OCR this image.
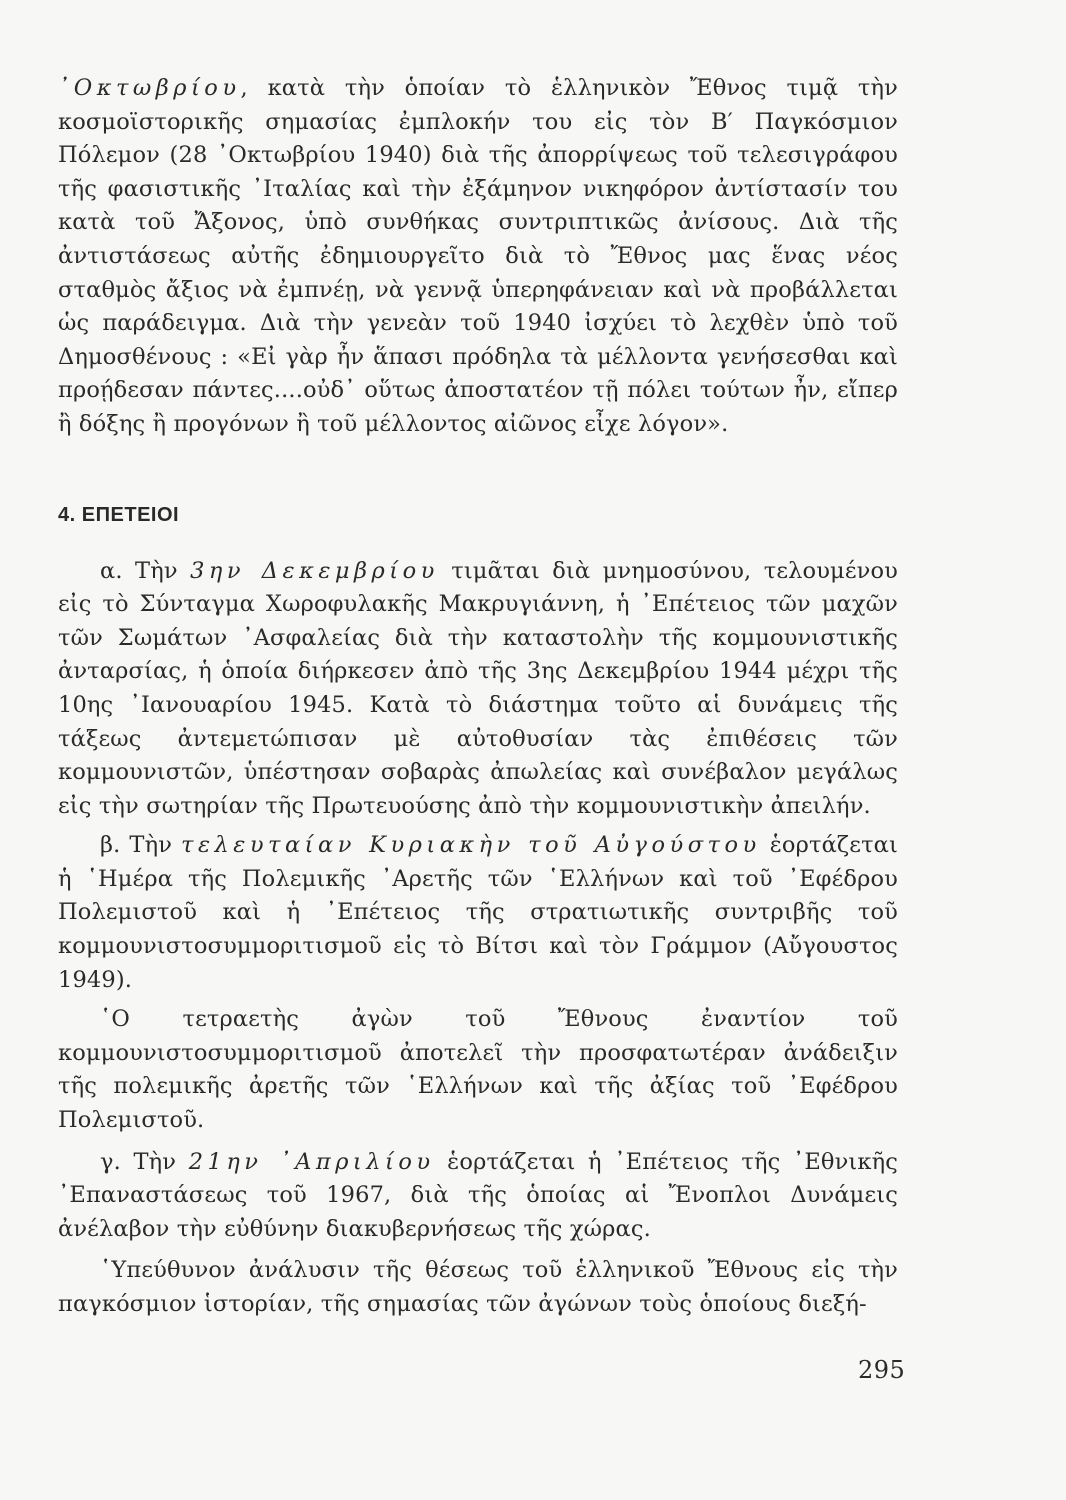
᾿Οκτωβρίου, κατὰ τὴν ὁποίαν τὸ ἑλληνικὸν Ἔθνος τιμᾷ τὴν κοσμοϊστορικῆς σημασίας ἐμπλοκήν του εἰς τὸν Β′ Παγκόσμιον Πόλεμον (28 ᾿Οκτωβρίου 1940) διὰ τῆς ἀπορρίψεως τοῦ τελεσιγράφου τῆς φασιστικῆς ᾿Ιταλίας καὶ τὴν ἐξάμηνον νικηφόρον ἀντίστασίν του κατὰ τοῦ Ἄξονος, ὑπὸ συνθήκας συντριπτικῶς ἀνίσους. Διὰ τῆς ἀντιστάσεως αὐτῆς ἐδημιουργεῖτο διὰ τὸ Ἔθνος μας ἕνας νέος σταθμὸς ἄξιος νὰ ἐμπνέῃ, νὰ γεννᾷ ὑπερηφάνειαν καὶ νὰ προβάλλεται ὡς παράδειγμα. Διὰ τὴν γενεὰν τοῦ 1940 ἰσχύει τὸ λεχθὲν ὑπὸ τοῦ Δημοσθένους : «Εἰ γὰρ ἦν ἅπασι πρόδηλα τὰ μέλλοντα γενήσεσθαι καὶ προῄδεσαν πάντες....οὐδ᾿ οὕτως ἀποστατέον τῇ πόλει τούτων ἦν, εἴπερ ἢ δόξης ἢ προγόνων ἢ τοῦ μέλλοντος αἰῶνος εἶχε λόγον».

4. ΕΠΕΤΕΙΟΙ

α. Τὴν 3ην Δεκεμβρίου τιμᾶται διὰ μνημοσύνου, τελουμένου εἰς τὸ Σύνταγμα Χωροφυλακῆς Μακρυγιάννη, ἡ ᾿Επέτειος τῶν μαχῶν τῶν Σωμάτων ᾿Ασφαλείας διὰ τὴν καταστολὴν τῆς κομμουνιστικῆς ἀνταρσίας, ἡ ὁποία διήρκεσεν ἀπὸ τῆς 3ης Δεκεμβρίου 1944 μέχρι τῆς 10ης ᾿Ιανουαρίου 1945. Κατὰ τὸ διάστημα τοῦτο αἱ δυνάμεις τῆς τάξεως ἀντεμετώπισαν μὲ αὐτοθυσίαν τὰς ἐπιθέσεις τῶν κομμουνιστῶν, ὑπέστησαν σοβαρὰς ἀπωλείας καὶ συνέβαλον μεγάλως εἰς τὴν σωτηρίαν τῆς Πρωτευούσης ἀπὸ τὴν κομμουνιστικὴν ἀπειλήν.

β. Τὴν τελευταίαν Κυριακὴν τοῦ Αὐγούστου ἑορτάζεται ἡ ῾Ημέρα τῆς Πολεμικῆς ᾿Αρετῆς τῶν ῾Ελλήνων καὶ τοῦ ᾿Εφέδρου Πολεμιστοῦ καὶ ἡ ᾿Επέτειος τῆς στρατιωτικῆς συντριβῆς τοῦ κομμουνιστοσυμμοριτισμοῦ εἰς τὸ Βίτσι καὶ τὸν Γράμμον (Αὔγουστος 1949).

῾Ο τετραετὴς ἀγὼν τοῦ Ἔθνους ἐναντίον τοῦ κομμουνιστοσυμμοριτισμοῦ ἀποτελεῖ τὴν προσφατωτέραν ἀνάδειξιν τῆς πολεμικῆς ἀρετῆς τῶν ῾Ελλήνων καὶ τῆς ἀξίας τοῦ ᾿Εφέδρου Πολεμιστοῦ.

γ. Τὴν 21ην ᾿Απριλίου ἑορτάζεται ἡ ᾿Επέτειος τῆς ᾿Εθνικῆς ᾿Επαναστάσεως τοῦ 1967, διὰ τῆς ὁποίας αἱ Ἔνοπλοι Δυνάμεις ἀνέλαβον τὴν εὐθύνην διακυβερνήσεως τῆς χώρας.

῾Υπεύθυνον ἀνάλυσιν τῆς θέσεως τοῦ ἑλληνικοῦ Ἔθνους εἰς τὴν παγκόσμιον ἱστορίαν, τῆς σημασίας τῶν ἀγώνων τοὺς ὁποίους διεξή-

295
